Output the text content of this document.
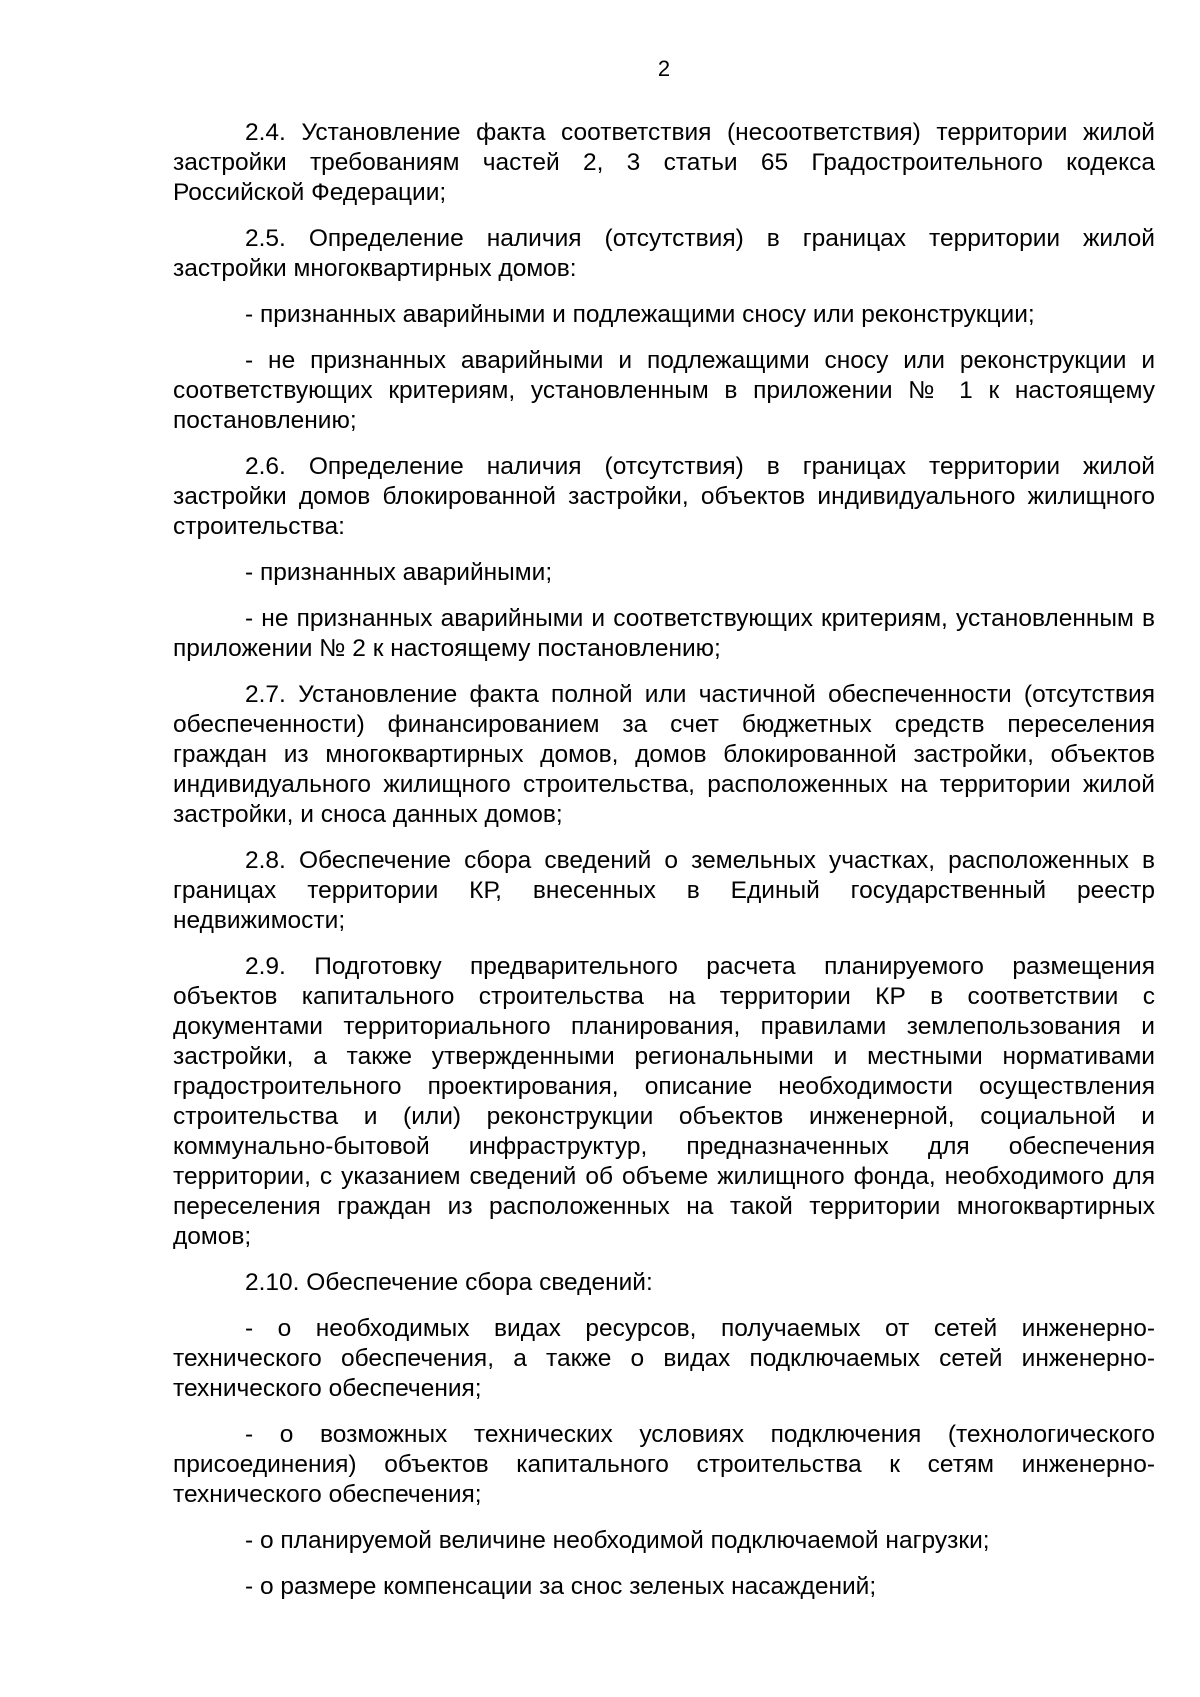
2

2.4. Установление факта соответствия (несоответствия) территории жилой застройки требованиям частей 2, 3 статьи 65 Градостроительного кодекса Российской Федерации;

2.5. Определение наличия (отсутствия) в границах территории жилой застройки многоквартирных домов:

- признанных аварийными и подлежащими сносу или реконструкции;

- не признанных аварийными и подлежащими сносу или реконструкции и соответствующих критериям, установленным в приложении № 1 к настоящему постановлению;

2.6. Определение наличия (отсутствия) в границах территории жилой застройки домов блокированной застройки, объектов индивидуального жилищного строительства:

- признанных аварийными;

- не признанных аварийными и соответствующих критериям, установленным в приложении № 2 к настоящему постановлению;

2.7. Установление факта полной или частичной обеспеченности (отсутствия обеспеченности) финансированием за счет бюджетных средств переселения граждан из многоквартирных домов, домов блокированной застройки, объектов индивидуального жилищного строительства, расположенных на территории жилой застройки, и сноса данных домов;

2.8. Обеспечение сбора сведений о земельных участках, расположенных в границах территории КР, внесенных в Единый государственный реестр недвижимости;

2.9. Подготовку предварительного расчета планируемого размещения объектов капитального строительства на территории КР в соответствии с документами территориального планирования, правилами землепользования и застройки, а также утвержденными региональными и местными нормативами градостроительного проектирования, описание необходимости осуществления строительства и (или) реконструкции объектов инженерной, социальной и коммунально-бытовой инфраструктур, предназначенных для обеспечения территории, с указанием сведений об объеме жилищного фонда, необходимого для переселения граждан из расположенных на такой территории многоквартирных домов;

2.10. Обеспечение сбора сведений:

- о необходимых видах ресурсов, получаемых от сетей инженерно-технического обеспечения, а также о видах подключаемых сетей инженерно-технического обеспечения;

- о возможных технических условиях подключения (технологического присоединения) объектов капитального строительства к сетям инженерно-технического обеспечения;

- о планируемой величине необходимой подключаемой нагрузки;

- о размере компенсации за снос зеленых насаждений;
